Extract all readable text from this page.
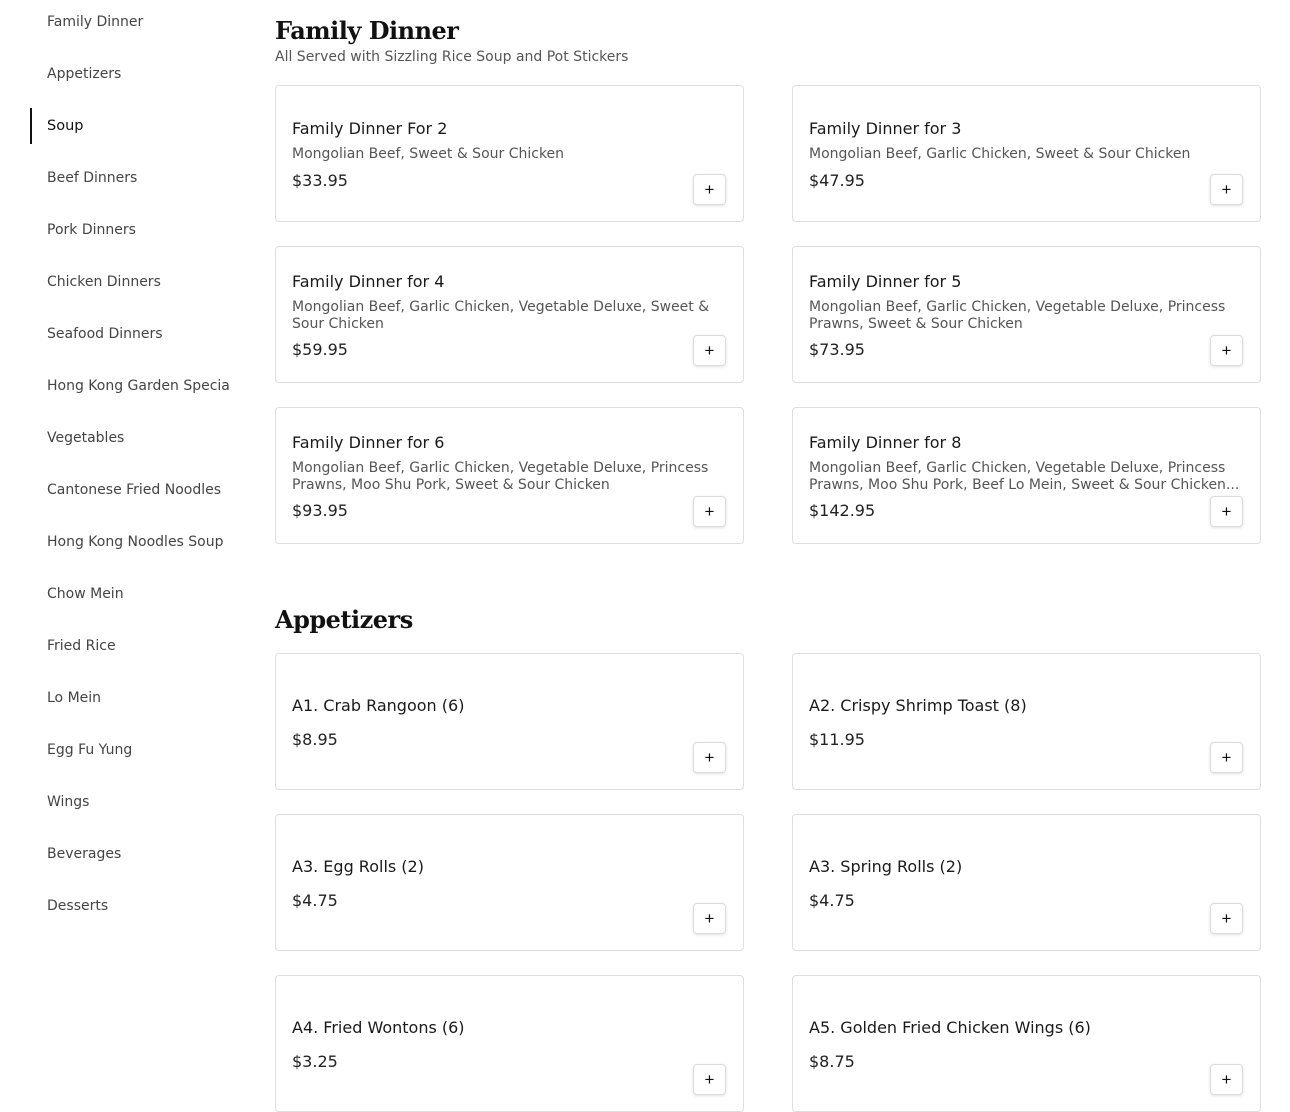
Family Dinner
Appetizers
Soup
Beef Dinners
Pork Dinners
Chicken Dinners
Seafood Dinners
Hong Kong Garden Specia
Vegetables
Cantonese Fried Noodles
Hong Kong Noodles Soup
Chow Mein
Fried Rice
Lo Mein
Egg Fu Yung
Wings
Beverages
Desserts
Family Dinner
All Served with Sizzling Rice Soup and Pot Stickers
Family Dinner For 2
Mongolian Beef, Sweet & Sour Chicken
$33.95	+
Family Dinner for 3
Mongolian Beef, Garlic Chicken, Sweet & Sour Chicken
$47.95	+
Family Dinner for 4
Mongolian Beef, Garlic Chicken, Vegetable Deluxe, Sweet & Sour Chicken
$59.95	+
Family Dinner for 5
Mongolian Beef, Garlic Chicken, Vegetable Deluxe, Princess Prawns, Sweet & Sour Chicken
$73.95	+
Family Dinner for 6
Mongolian Beef, Garlic Chicken, Vegetable Deluxe, Princess Prawns, Moo Shu Pork, Sweet & Sour Chicken
$93.95	+
Family Dinner for 8
Mongolian Beef, Garlic Chicken, Vegetable Deluxe, Princess Prawns, Moo Shu Pork, Beef Lo Mein, Sweet & Sour Chicken...
$142.95	+
Appetizers
A1. Crab Rangoon (6)
$8.95
+
A2. Crispy Shrimp Toast (8)
$11.95
+
A3. Egg Rolls (2)
$4.75
+
A3. Spring Rolls (2)
$4.75
+
A4. Fried Wontons (6)
$3.25
+
A5. Golden Fried Chicken Wings (6)
$8.75
+
